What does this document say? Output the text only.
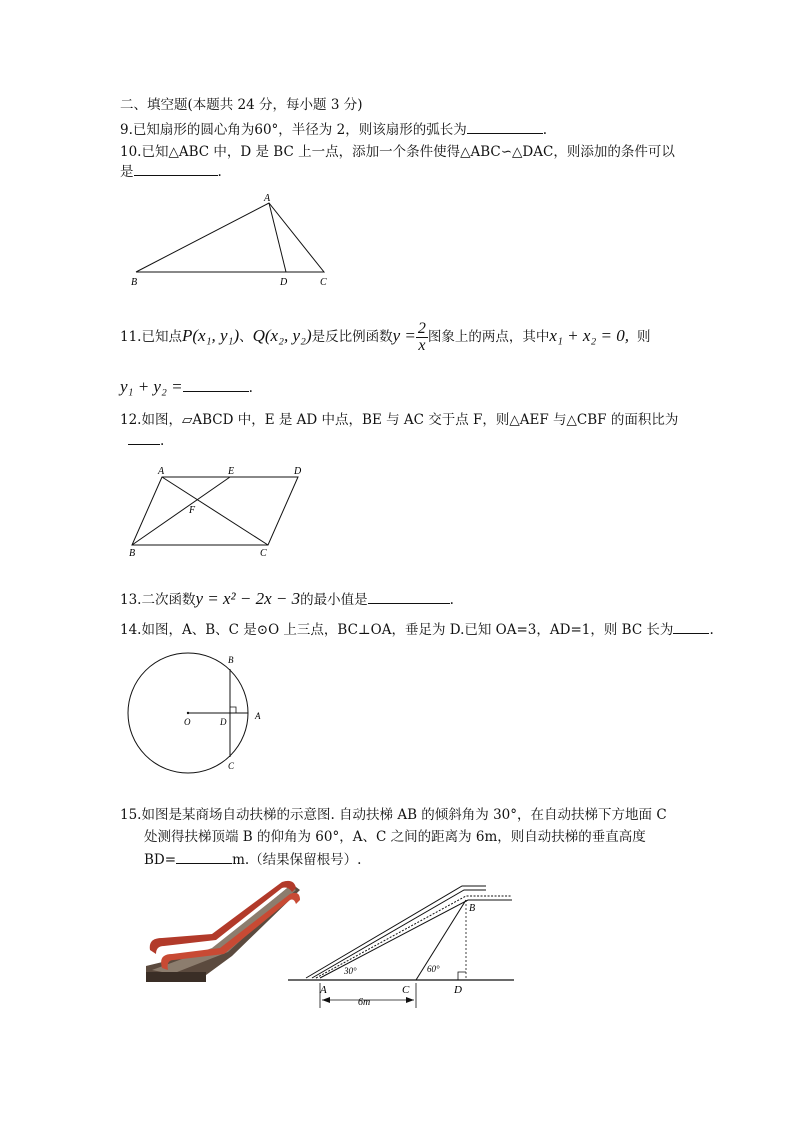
二、填空题(本题共 24 分，每小题 3 分)
9.已知扇形的圆心角为60°，半径为 2，则该扇形的弧长为	.
10.已知△ABC 中，D 是 BC 上一点，添加一个条件使得△ABC∽△DAC，则添加的条件可以
是	.
A
B	D	C
11.已知点P(x₁, y₁)、Q(x₂, y₂)是反比例函数$y = \frac{2}{x}$ 图象上的两点，其中x₁ + x₂ = 0, 则
y₁ + y₂ =	.
12.如图，▱ABCD 中，E 是 AD 中点，BE 与 AC 交于点 F，则△AEF 与△CBF 的面积比为
.
A	E	D
F
B	C
13.二次函数y = x² − 2x − 3的最小值是	.
14.如图，A、B、C 是⊙O 上三点，BC⊥OA，垂足为 D.已知 OA=3，AD=1，则 BC 长为	.
O	D
A
B
C
15.如图是某商场自动扶梯的示意图. 自动扶梯 AB 的倾斜角为 30°，在自动扶梯下方地面 C
处测得扶梯顶端 B 的仰角为 60°，A、C 之间的距离为 6m，则自动扶梯的垂直高度
BD=	m.（结果保留根号）.
30°	60°
A	C	D
B
6m
